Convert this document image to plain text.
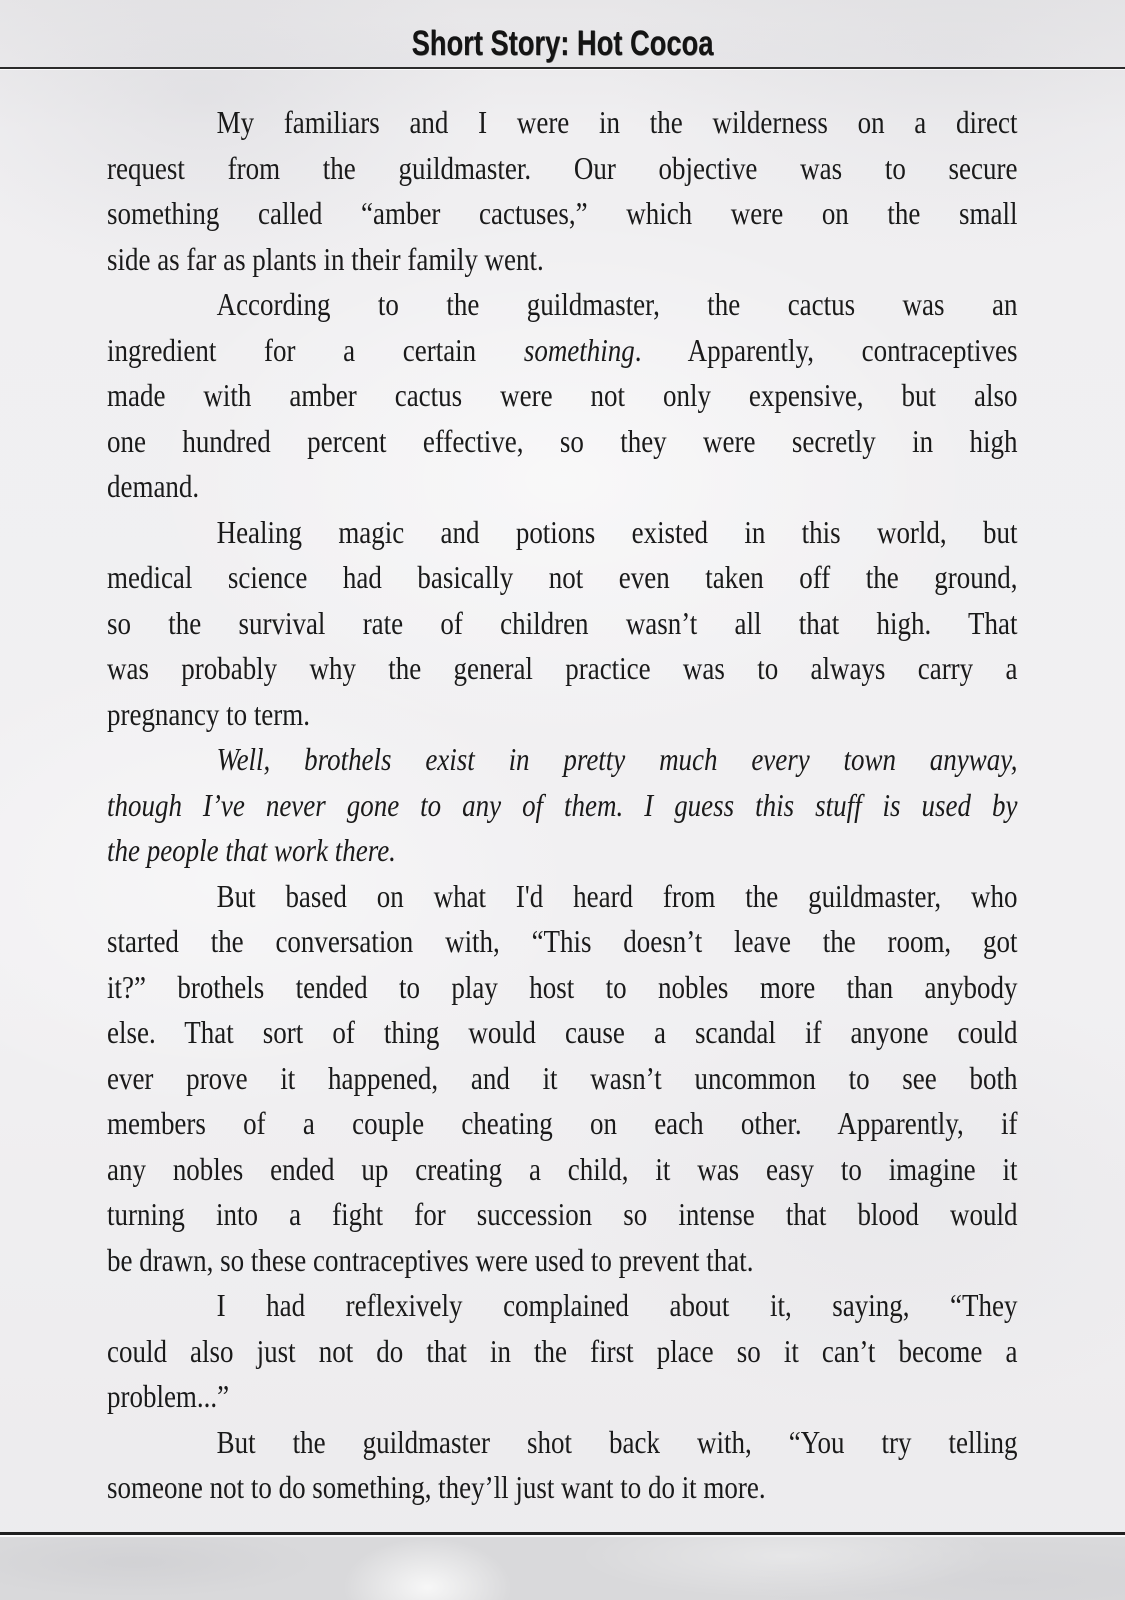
Short Story: Hot Cocoa
My familiars and I were in the wilderness on a direct
request from the guildmaster. Our objective was to secure
something called “amber cactuses,” which were on the small
side as far as plants in their family went.
According to the guildmaster, the cactus was an
ingredient for a certain something. Apparently, contraceptives
made with amber cactus were not only expensive, but also
one hundred percent effective, so they were secretly in high
demand.
Healing magic and potions existed in this world, but
medical science had basically not even taken off the ground,
so the survival rate of children wasn’t all that high. That
was probably why the general practice was to always carry a
pregnancy to term.
Well, brothels exist in pretty much every town anyway,
though I’ve never gone to any of them. I guess this stuff is used by
the people that work there.
But based on what I'd heard from the guildmaster, who
started the conversation with, “This doesn’t leave the room, got
it?” brothels tended to play host to nobles more than anybody
else. That sort of thing would cause a scandal if anyone could
ever prove it happened, and it wasn’t uncommon to see both
members of a couple cheating on each other. Apparently, if
any nobles ended up creating a child, it was easy to imagine it
turning into a fight for succession so intense that blood would
be drawn, so these contraceptives were used to prevent that.
I had reflexively complained about it, saying, “They
could also just not do that in the first place so it can’t become a
problem...”
But the guildmaster shot back with, “You try telling
someone not to do something, they’ll just want to do it more.
